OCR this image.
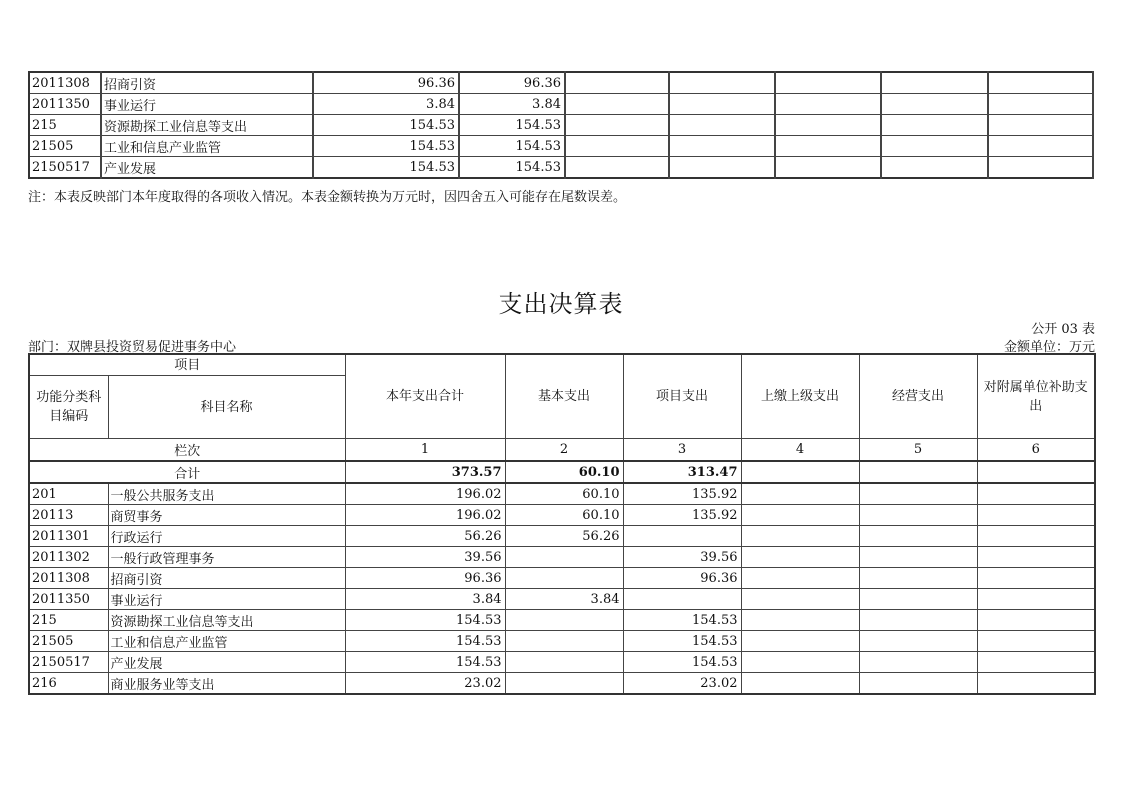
2011308	招商引资	96.36	96.36					
2011350	事业运行	3.84	3.84					
215	资源勘探工业信息等支出	154.53	154.53					
21505	工业和信息产业监管	154.53	154.53					
2150517	产业发展	154.53	154.53					
注：本表反映部门本年度取得的各项收入情况。本表金额转换为万元时，因四舍五入可能存在尾数误差。
支出决算表
公开 03 表
部门：双牌县投资贸易促进事务中心	金额单位：万元
项目		本年支出合计	基本支出	项目支出	上缴上级支出	经营支出	对附属单位补助支出
功能分类科目编码	科目名称						
栏次		1	2	3	4	5	6
合计		373.57	60.10	313.47			
201	一般公共服务支出	196.02	60.10	135.92			
20113	商贸事务	196.02	60.10	135.92			
2011301	行政运行	56.26	56.26				
2011302	一般行政管理事务	39.56		39.56			
2011308	招商引资	96.36		96.36			
2011350	事业运行	3.84	3.84				
215	资源勘探工业信息等支出	154.53		154.53			
21505	工业和信息产业监管	154.53		154.53			
2150517	产业发展	154.53		154.53			
216	商业服务业等支出	23.02		23.02			
